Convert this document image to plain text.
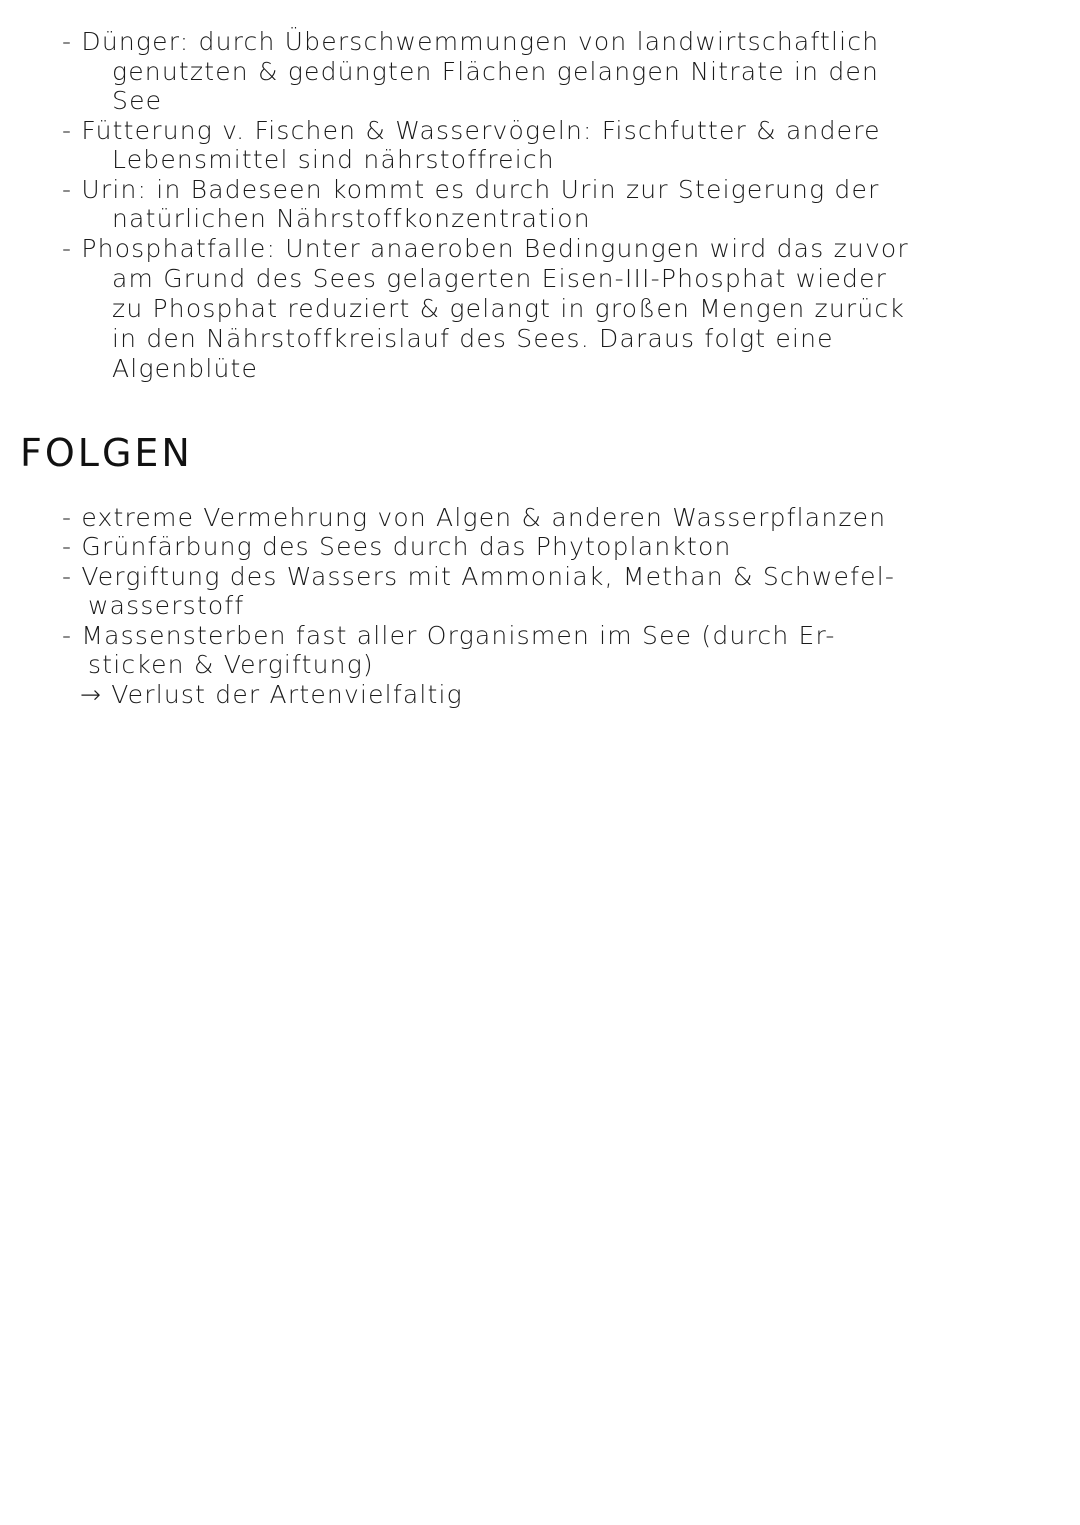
- Dünger: durch Überschwemmungen von landwirtschaftlich
genutzten & gedüngten Flächen gelangen Nitrate in den
See
- Fütterung v. Fischen & Wasservögeln: Fischfutter & andere
Lebensmittel sind nährstoffreich
- Urin: in Badeseen kommt es durch Urin zur Steigerung der
natürlichen Nährstoffkonzentration
- Phosphatfalle: Unter anaeroben Bedingungen wird das zuvor
am Grund des Sees gelagerten Eisen-III-Phosphat wieder
zu Phosphat reduziert & gelangt in großen Mengen zurück
in den Nährstoffkreislauf des Sees. Daraus folgt eine
Algenblüte
FOLGEN
- extreme Vermehrung von Algen & anderen Wasserpflanzen
- Grünfärbung des Sees durch das Phytoplankton
- Vergiftung des Wassers mit Ammoniak, Methan & Schwefel-
wasserstoff
- Massensterben fast aller Organismen im See (durch Er-
sticken & Vergiftung)
→ Verlust der Artenvielfaltig
